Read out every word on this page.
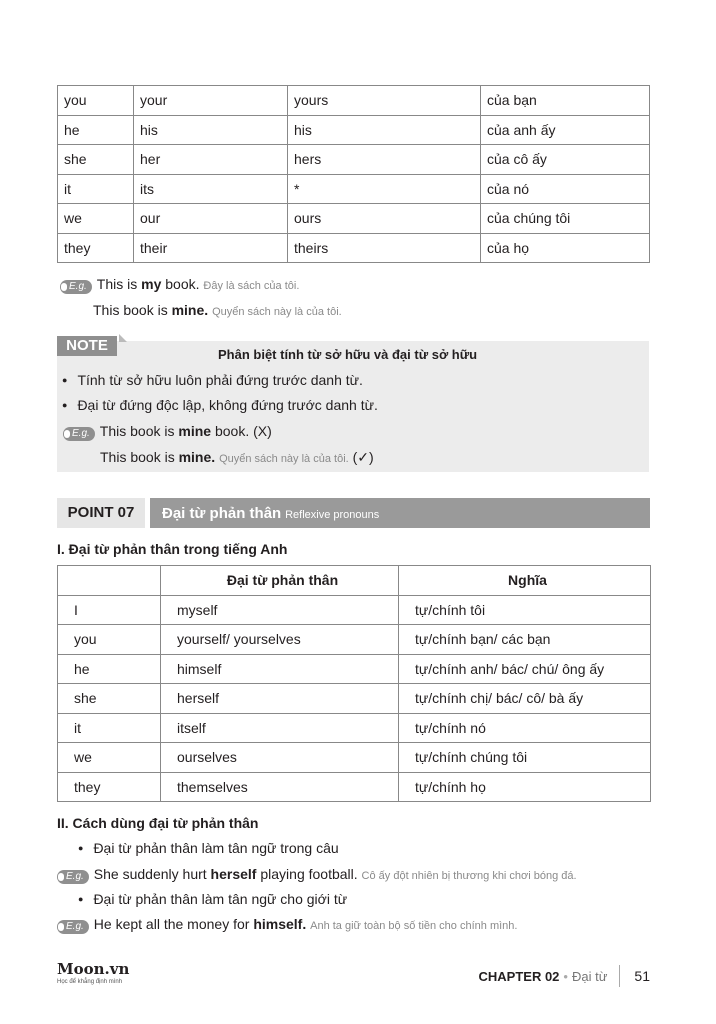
you	your	yours	của bạn
he	his	his	của anh ấy
she	her	hers	của cô ấy
it	its	*	của nó
we	our	ours	của chúng tôi
they	their	theirs	của họ
E.g. This is my book. Đây là sách của tôi.
This book is mine. Quyển sách này là của tôi.
NOTE
Phân biệt tính từ sở hữu và đại từ sở hữu
● Tính từ sở hữu luôn phải đứng trước danh từ.
● Đại từ đứng độc lập, không đứng trước danh từ.
E.g. This book is mine book. (X)
This book is mine. Quyển sách này là của tôi. (✓)
POINT 07	Đại từ phản thân Reflexive pronouns
I. Đại từ phản thân trong tiếng Anh
	Đại từ phản thân	Nghĩa
I	myself	tự/chính tôi
you	yourself/ yourselves	tự/chính bạn/ các bạn
he	himself	tự/chính anh/ bác/ chú/ ông ấy
she	herself	tự/chính chị/ bác/ cô/ bà ấy
it	itself	tự/chính nó
we	ourselves	tự/chính chúng tôi
they	themselves	tự/chính họ
II. Cách dùng đại từ phản thân
● Đại từ phản thân làm tân ngữ trong câu
E.g. She suddenly hurt herself playing football. Cô ấy đột nhiên bị thương khi chơi bóng đá.
● Đại từ phản thân làm tân ngữ cho giới từ
E.g. He kept all the money for himself. Anh ta giữ toàn bộ số tiền cho chính mình.
Moon.vn
Học để khẳng định mình	CHAPTER 02 • Đại từ	51
